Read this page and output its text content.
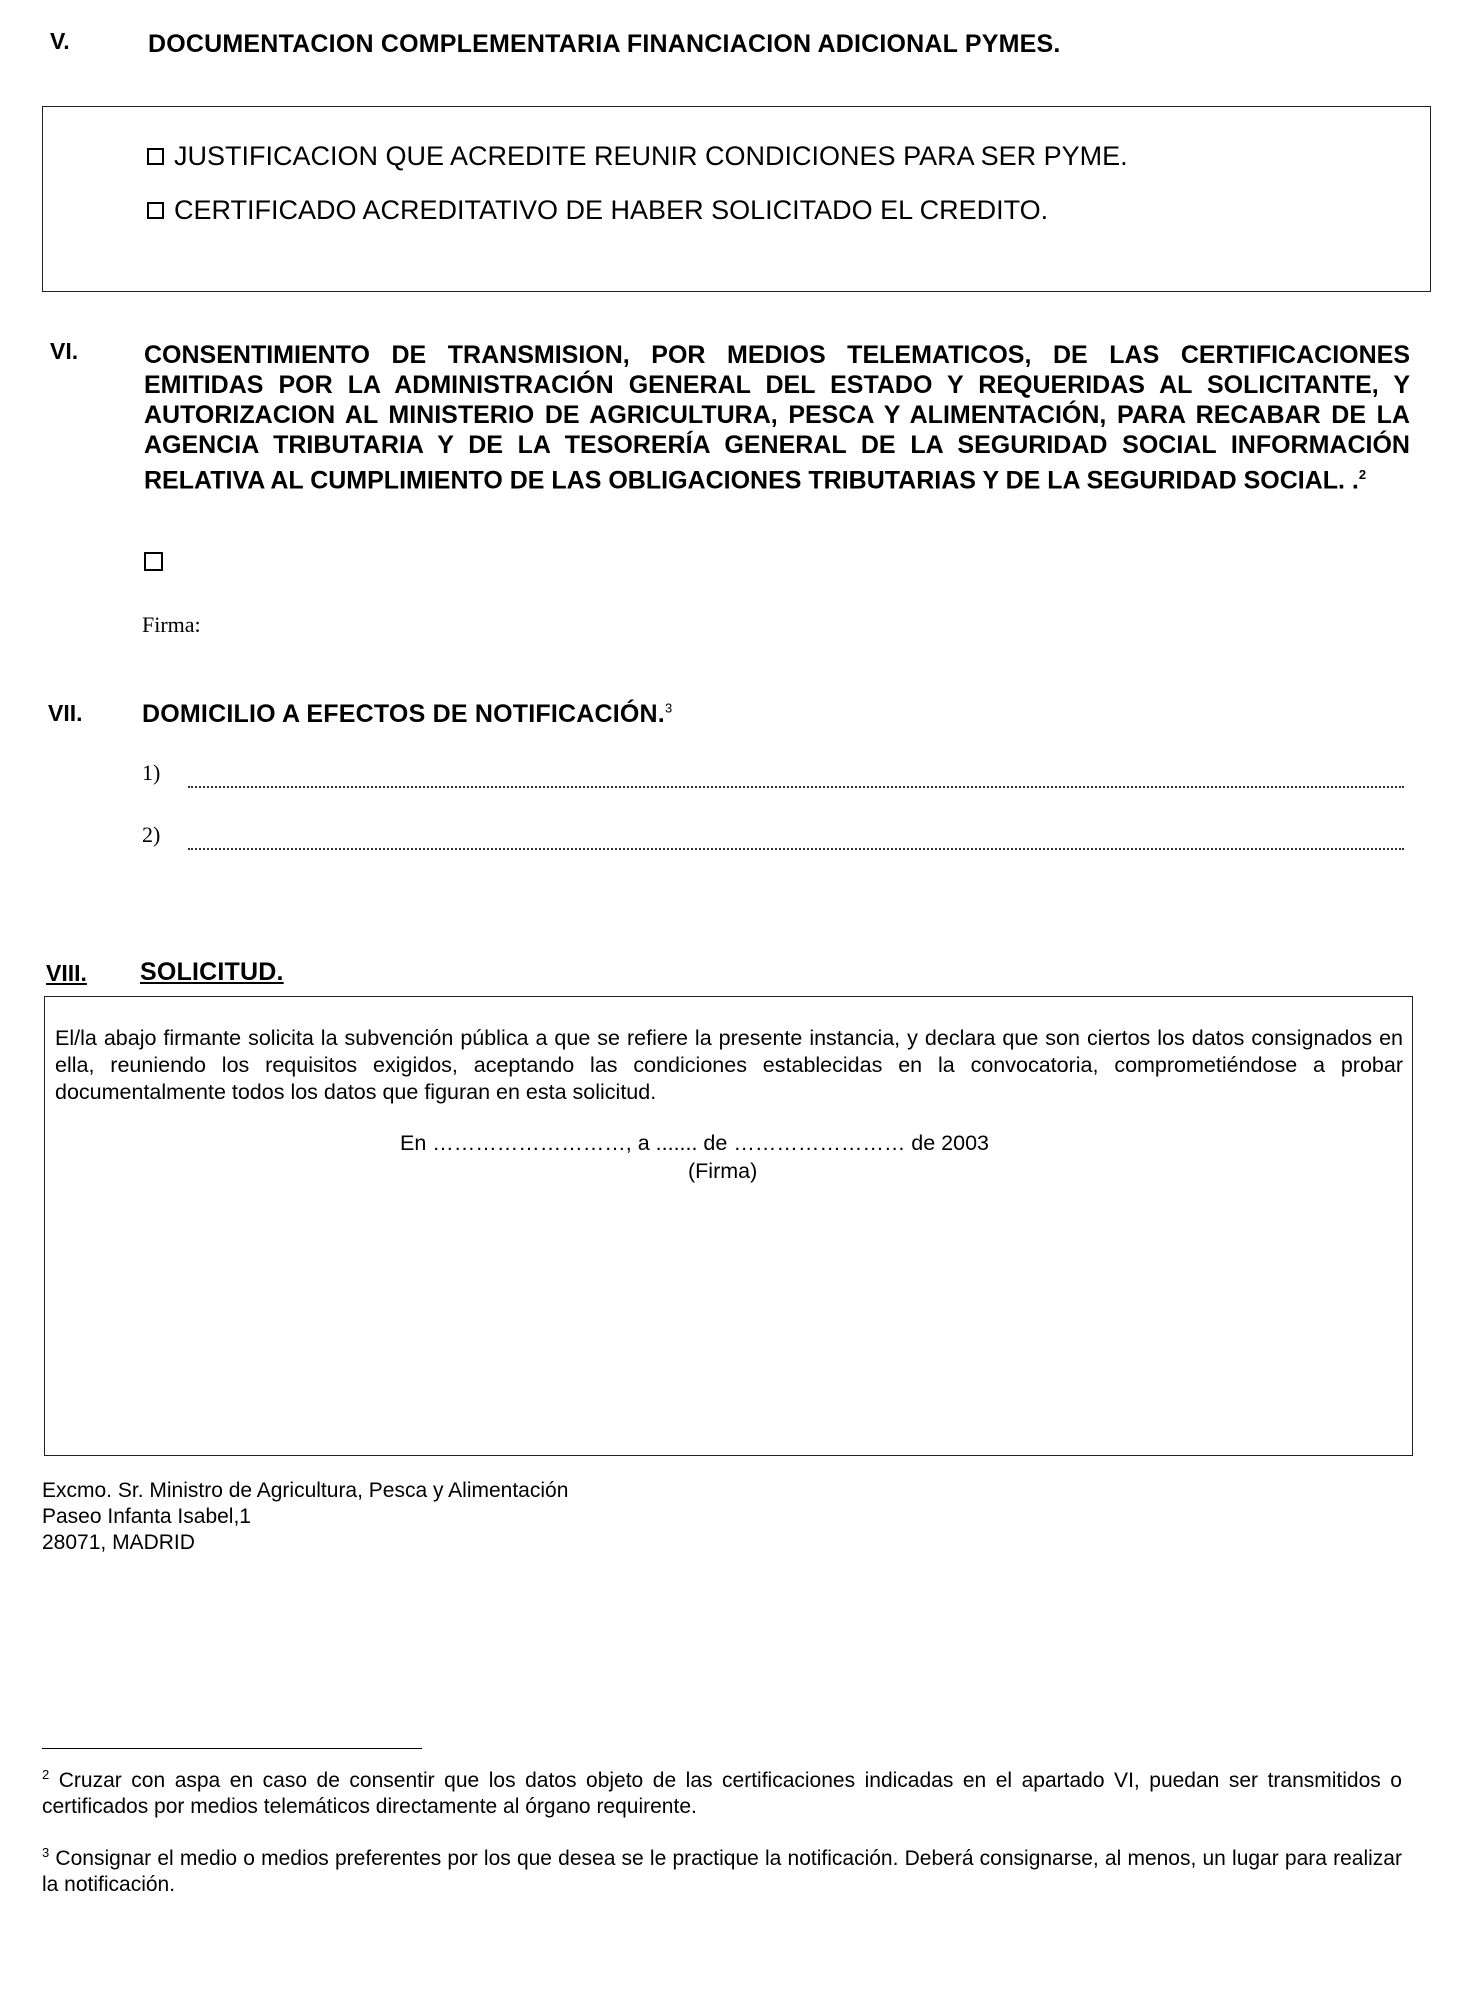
V.	DOCUMENTACION COMPLEMENTARIA FINANCIACION ADICIONAL PYMES.
JUSTIFICACION QUE ACREDITE REUNIR CONDICIONES PARA SER PYME.
CERTIFICADO ACREDITATIVO DE HABER SOLICITADO EL CREDITO.
VI.	CONSENTIMIENTO DE TRANSMISION, POR MEDIOS TELEMATICOS, DE LAS CERTIFICACIONES EMITIDAS POR LA ADMINISTRACIÓN GENERAL DEL ESTADO Y REQUERIDAS AL SOLICITANTE, Y AUTORIZACION AL MINISTERIO DE AGRICULTURA, PESCA Y ALIMENTACIÓN, PARA RECABAR DE LA AGENCIA TRIBUTARIA Y DE LA TESORERÍA GENERAL DE LA SEGURIDAD SOCIAL INFORMACIÓN RELATIVA AL CUMPLIMIENTO DE LAS OBLIGACIONES TRIBUTARIAS Y DE LA SEGURIDAD SOCIAL. .$^2$
Firma:
VII. DOMICILIO A EFECTOS DE NOTIFICACIÓN.$^3$
1)
2)
VIII. SOLICITUD.
El/la abajo firmante solicita la subvención pública a que se refiere la presente instancia, y declara que son ciertos los datos consignados en ella, reuniendo los requisitos exigidos, aceptando las condiciones establecidas en la convocatoria, comprometiéndose a probar documentalmente todos los datos que figuran en esta solicitud.
En ………………………, a ....... de …………………… de 2003
(Firma)
Excmo. Sr. Ministro de Agricultura, Pesca y Alimentación
Paseo Infanta Isabel,1
28071, MADRID
$^2$ Cruzar con aspa en caso de consentir que los datos objeto de las certificaciones indicadas en el apartado VI, puedan ser transmitidos o certificados por medios telemáticos directamente al órgano requirente.
$^3$ Consignar el medio o medios preferentes por los que desea se le practique la notificación. Deberá consignarse, al menos, un lugar para realizar la notificación.
